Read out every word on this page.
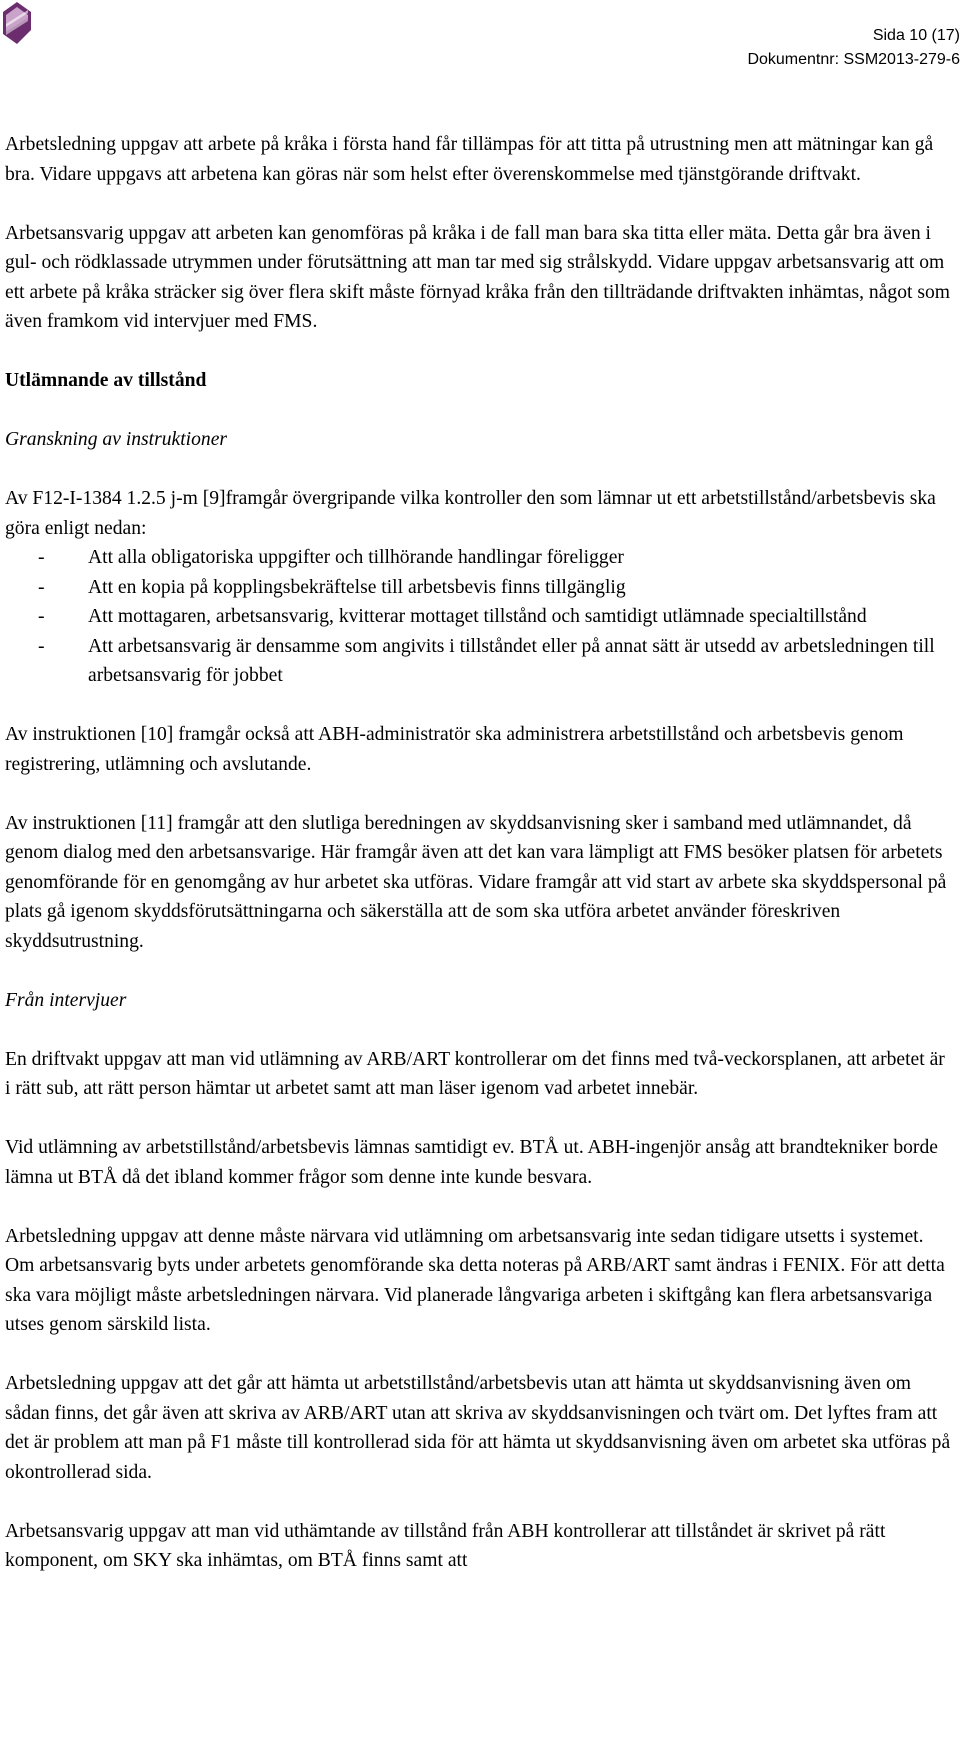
Sida 10 (17)
Dokumentnr: SSM2013-279-6

Arbetsledning uppgav att arbete på kråka i första hand får tillämpas för att titta på utrustning men att mätningar kan gå bra. Vidare uppgavs att arbetena kan göras när som helst efter överenskommelse med tjänstgörande driftvakt.

Arbetsansvarig uppgav att arbeten kan genomföras på kråka i de fall man bara ska titta eller mäta. Detta går bra även i gul- och rödklassade utrymmen under förutsättning att man tar med sig strålskydd. Vidare uppgav arbetsansvarig att om ett arbete på kråka sträcker sig över flera skift måste förnyad kråka från den tillträdande driftvakten inhämtas, något som även framkom vid intervjuer med FMS.

Utlämnande av tillstånd

Granskning av instruktioner

Av F12-I-1384 1.2.5 j-m [9]framgår övergripande vilka kontroller den som lämnar ut ett arbetstillstånd/arbetsbevis ska göra enligt nedan:

- Att alla obligatoriska uppgifter och tillhörande handlingar föreligger
- Att en kopia på kopplingsbekräftelse till arbetsbevis finns tillgänglig
- Att mottagaren, arbetsansvarig, kvitterar mottaget tillstånd och samtidigt utlämnade specialtillstånd
- Att arbetsansvarig är densamme som angivits i tillståndet eller på annat sätt är utsedd av arbetsledningen till arbetsansvarig för jobbet

Av instruktionen [10] framgår också att ABH-administratör ska administrera arbetstillstånd och arbetsbevis genom registrering, utlämning och avslutande.

Av instruktionen [11] framgår att den slutliga beredningen av skyddsanvisning sker i samband med utlämnandet, då genom dialog med den arbetsansvarige. Här framgår även att det kan vara lämpligt att FMS besöker platsen för arbetets genomförande för en genomgång av hur arbetet ska utföras. Vidare framgår att vid start av arbete ska skyddspersonal på plats gå igenom skyddsförutsättningarna och säkerställa att de som ska utföra arbetet använder föreskriven skyddsutrustning.

Från intervjuer

En driftvakt uppgav att man vid utlämning av ARB/ART kontrollerar om det finns med två-veckorsplanen, att arbetet är i rätt sub, att rätt person hämtar ut arbetet samt att man läser igenom vad arbetet innebär.

Vid utlämning av arbetstillstånd/arbetsbevis lämnas samtidigt ev. BTÅ ut. ABH-ingenjör ansåg att brandtekniker borde lämna ut BTÅ då det ibland kommer frågor som denne inte kunde besvara.

Arbetsledning uppgav att denne måste närvara vid utlämning om arbetsansvarig inte sedan tidigare utsetts i systemet. Om arbetsansvarig byts under arbetets genomförande ska detta noteras på ARB/ART samt ändras i FENIX. För att detta ska vara möjligt måste arbetsledningen närvara. Vid planerade långvariga arbeten i skiftgång kan flera arbetsansvariga utses genom särskild lista.

Arbetsledning uppgav att det går att hämta ut arbetstillstånd/arbetsbevis utan att hämta ut skyddsanvisning även om sådan finns, det går även att skriva av ARB/ART utan att skriva av skyddsanvisningen och tvärt om. Det lyftes fram att det är problem att man på F1 måste till kontrollerad sida för att hämta ut skyddsanvisning även om arbetet ska utföras på okontrollerad sida.

Arbetsansvarig uppgav att man vid uthämtande av tillstånd från ABH kontrollerar att tillståndet är skrivet på rätt komponent, om SKY ska inhämtas, om BTÅ finns samt att
